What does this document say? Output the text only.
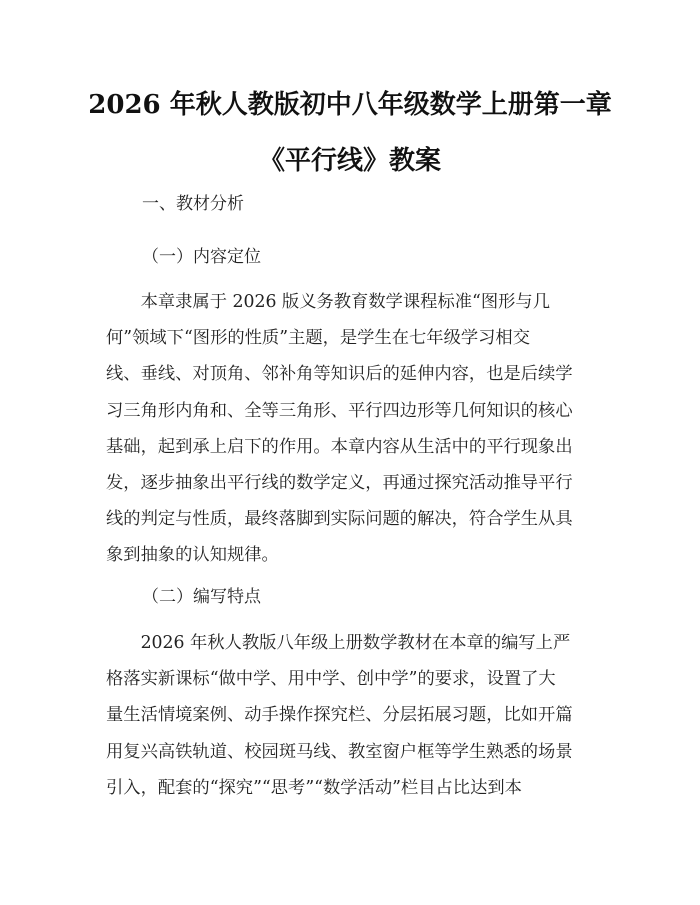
2026 年秋人教版初中八年级数学上册第一章
《平行线》教案
一、教材分析
（一）内容定位
　　本章隶属于 2026 版义务教育数学课程标准“图形与几
何”领域下“图形的性质”主题，是学生在七年级学习相交
线、垂线、对顶角、邻补角等知识后的延伸内容，也是后续学
习三角形内角和、全等三角形、平行四边形等几何知识的核心
基础，起到承上启下的作用。本章内容从生活中的平行现象出
发，逐步抽象出平行线的数学定义，再通过探究活动推导平行
线的判定与性质，最终落脚到实际问题的解决，符合学生从具
象到抽象的认知规律。
（二）编写特点
　　2026 年秋人教版八年级上册数学教材在本章的编写上严
格落实新课标“做中学、用中学、创中学”的要求，设置了大
量生活情境案例、动手操作探究栏、分层拓展习题，比如开篇
用复兴高铁轨道、校园斑马线、教室窗户框等学生熟悉的场景
引入，配套的“探究”“思考”“数学活动”栏目占比达到本
